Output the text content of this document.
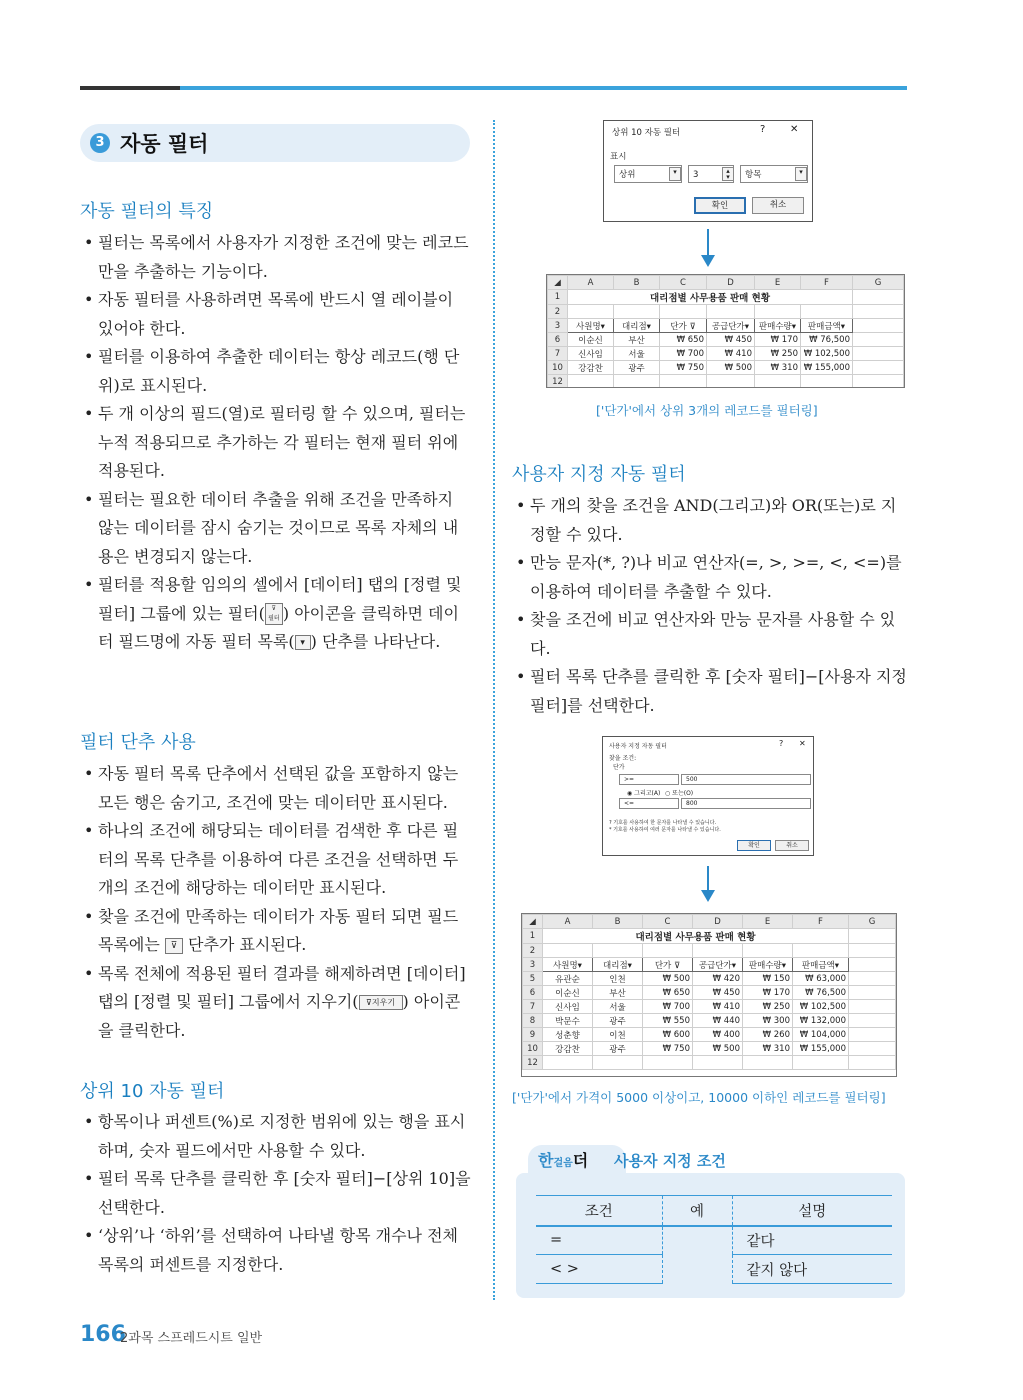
3 자동 필터
자동 필터의 특징
• 필터는 목록에서 사용자가 지정한 조건에 맞는 레코드만을 추출하는 기능이다.
• 자동 필터를 사용하려면 목록에 반드시 열 레이블이 있어야 한다.
• 필터를 이용하여 추출한 데이터는 항상 레코드(행 단위)로 표시된다.
• 두 개 이상의 필드(열)로 필터링 할 수 있으며, 필터는 누적 적용되므로 추가하는 각 필터는 현재 필터 위에 적용된다.
• 필터는 필요한 데이터 추출을 위해 조건을 만족하지 않는 데이터를 잠시 숨기는 것이므로 목록 자체의 내용은 변경되지 않는다.
• 필터를 적용할 임의의 셀에서 [데이터] 탭의 [정렬 및 필터] 그룹에 있는 필터( ⊽
필터 ) 아이콘을 클릭하면 데이터 필드명에 자동 필터 목록( ▾ ) 단추를 나타난다.
필터 단추 사용
• 자동 필터 목록 단추에서 선택된 값을 포함하지 않는 모든 행은 숨기고, 조건에 맞는 데이터만 표시된다.
• 하나의 조건에 해당되는 데이터를 검색한 후 다른 필터의 목록 단추를 이용하여 다른 조건을 선택하면 두 개의 조건에 해당하는 데이터만 표시된다.
• 찾을 조건에 만족하는 데이터가 자동 필터 되면 필드 목록에는 ⊽ 단추가 표시된다.
• 목록 전체에 적용된 필터 결과를 해제하려면 [데이터] 탭의 [정렬 및 필터] 그룹에서 지우기( ⊽지우기 ) 아이콘을 클릭한다.
상위 10 자동 필터
• 항목이나 퍼센트(%)로 지정한 범위에 있는 행을 표시하며, 숫자 필드에서만 사용할 수 있다.
• 필터 목록 단추를 클릭한 후 [숫자 필터]−[상위 10]을 선택한다.
• ‘상위’나 ‘하위’를 선택하여 나타낼 항목 개수나 전체 목록의 퍼센트를 지정한다.
상위 10 자동 필터	? ✕
표시
상위	▾	3	▴
▾	항목	▾
확인	취소
◢	A	B	C	D	E	F	G
1	대리점별 사무용품 판매 현황						
2							
3	사원명▾	대리점▾	단가 ⊽	공급단가▾	판매수량▾	판매금액▾	
6	이순신	부산	₩ 650	₩ 450	₩ 170	₩ 76,500	
7	신사임	서울	₩ 700	₩ 410	₩ 250	₩ 102,500	
10	강감찬	광주	₩ 750	₩ 500	₩ 310	₩ 155,000	
12							
['단가'에서 상위 3개의 레코드를 필터링]
사용자 지정 자동 필터
• 두 개의 찾을 조건을 AND(그리고)와 OR(또는)로 지정할 수 있다.
• 만능 문자(*, ?)나 비교 연산자(=, >, >=, <, <=)를 이용하여 데이터를 추출할 수 있다.
• 찾을 조건에 비교 연산자와 만능 문자를 사용할 수 있다.
• 필터 목록 단추를 클릭한 후 [숫자 필터]−[사용자 지정 필터]를 선택한다.
사용자 지정 자동 필터	? ✕
찾을 조건:
단가
>=	500
◉ 그리고(A) ○ 또는(O)
<=	800
? 기호를 사용하여 한 문자를 나타낼 수 있습니다.
* 기호를 사용하여 여러 문자를 나타낼 수 있습니다.
확인	취소
◢	A	B	C	D	E	F	G
1	대리점별 사무용품 판매 현황						
2							
3	사원명▾	대리점▾	단가 ⊽	공급단가▾	판매수량▾	판매금액▾	
5	유관순	인천	₩ 500	₩ 420	₩ 150	₩ 63,000	
6	이순신	부산	₩ 650	₩ 450	₩ 170	₩ 76,500	
7	신사임	서울	₩ 700	₩ 410	₩ 250	₩ 102,500	
8	박문수	광주	₩ 550	₩ 440	₩ 300	₩ 132,000	
9	성춘향	이천	₩ 600	₩ 400	₩ 260	₩ 104,000	
10	강감찬	광주	₩ 750	₩ 500	₩ 310	₩ 155,000	
12							
['단가'에서 가격이 5000 이상이고, 10000 이하인 레코드를 필터링]
한걸음더 사용자 지정 조건
조건	예	설명
=		같다
< >		같지 않다
166
2과목 스프레드시트 일반
